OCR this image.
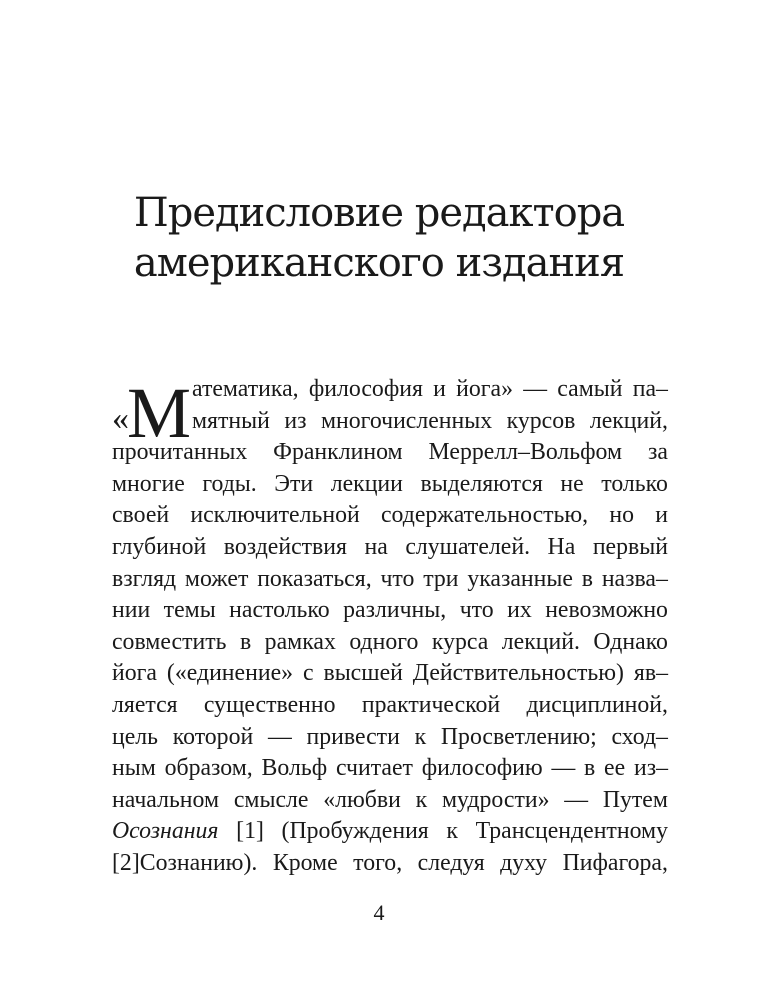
Предисловие редактора
американского издания
«М атематика, философия и йога» — самый па–
мятный из многочисленных курсов лекций,
прочитанных Франклином Меррелл–Вольфом за
многие годы. Эти лекции выделяются не только
своей исключительной содержательностью, но и
глубиной воздействия на слушателей. На первый
взгляд может показаться, что три указанные в назва–
нии темы настолько различны, что их невозможно
совместить в рамках одного курса лекций. Однако
йога («единение» с высшей Действительностью) яв–
ляется существенно практической дисциплиной,
цель которой — привести к Просветлению; сход–
ным образом, Вольф считает философию — в ее из–
начальном смысле «любви к мудрости» — Путем
Осознания [1] (Пробуждения к Трансцендентному
[2]Сознанию). Кроме того, следуя духу Пифагора,
4
